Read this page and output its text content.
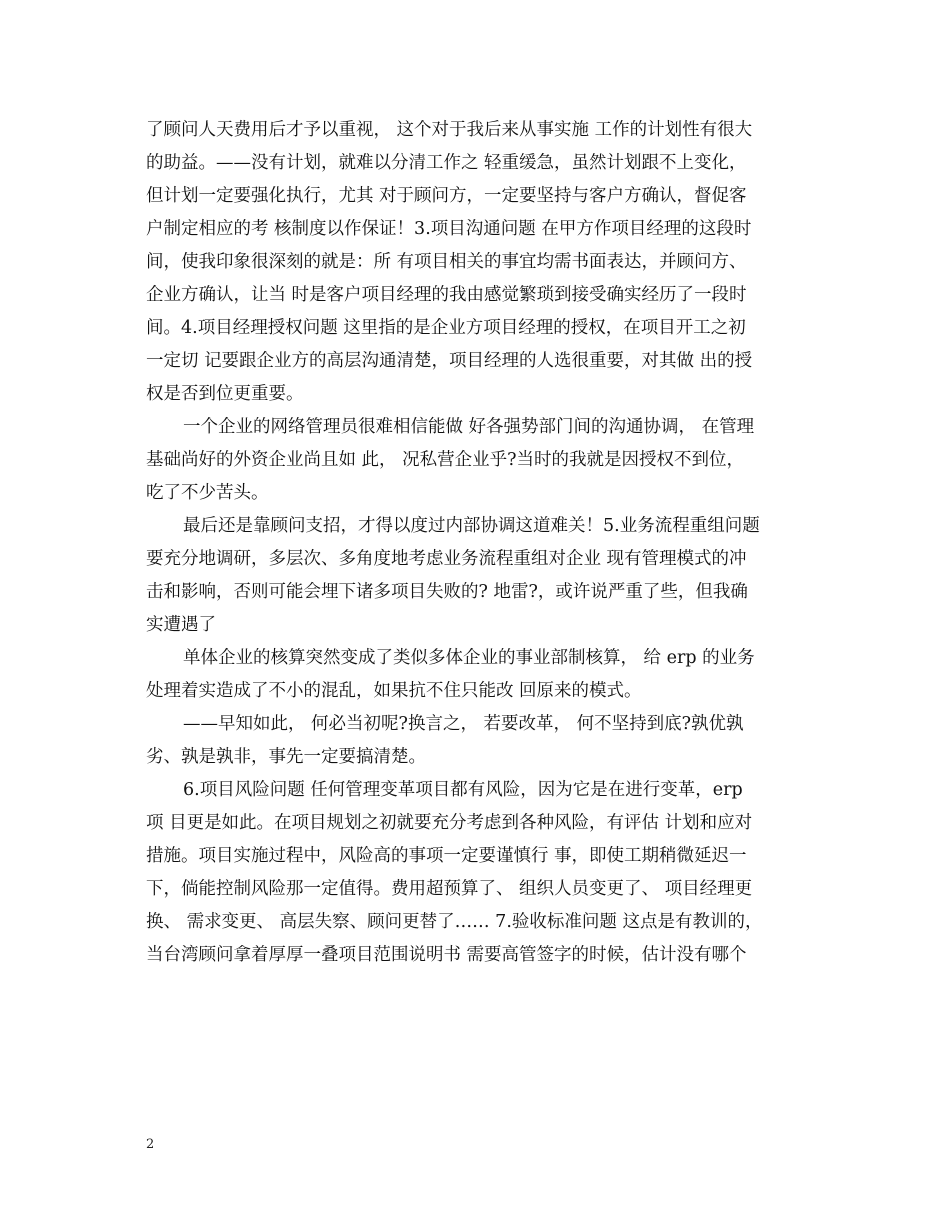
了顾问人天费用后才予以重视， 这个对于我后来从事实施 工作的计划性有很大
的助益。——没有计划，就难以分清工作之 轻重缓急，虽然计划跟不上变化，
但计划一定要强化执行，尤其 对于顾问方，一定要坚持与客户方确认，督促客
户制定相应的考 核制度以作保证！3.项目沟通问题 在甲方作项目经理的这段时
间，使我印象很深刻的就是：所 有项目相关的事宜均需书面表达，并顾问方、
企业方确认，让当 时是客户项目经理的我由感觉繁琐到接受确实经历了一段时
间。4.项目经理授权问题 这里指的是企业方项目经理的授权，在项目开工之初
一定切 记要跟企业方的高层沟通清楚，项目经理的人选很重要，对其做 出的授
权是否到位更重要。
一个企业的网络管理员很难相信能做 好各强势部门间的沟通协调， 在管理
基础尚好的外资企业尚且如 此， 况私营企业乎?当时的我就是因授权不到位，
吃了不少苦头。
最后还是靠顾问支招，才得以度过内部协调这道难关！5.业务流程重组问题
要充分地调研，多层次、多角度地考虑业务流程重组对企业 现有管理模式的冲
击和影响，否则可能会埋下诸多项目失败的? 地雷?，或许说严重了些，但我确
实遭遇了
单体企业的核算突然变成了类似多体企业的事业部制核算， 给 erp 的业务
处理着实造成了不小的混乱，如果抗不住只能改 回原来的模式。
——早知如此， 何必当初呢?换言之， 若要改革， 何不坚持到底?孰优孰
劣、孰是孰非，事先一定要搞清楚。
6.项目风险问题 任何管理变革项目都有风险，因为它是在进行变革，erp
项 目更是如此。在项目规划之初就要充分考虑到各种风险，有评估 计划和应对
措施。项目实施过程中，风险高的事项一定要谨慎行 事，即使工期稍微延迟一
下，倘能控制风险那一定值得。费用超预算了、 组织人员变更了、 项目经理更
换、 需求变更、 高层失察、顾问更替了…… 7.验收标准问题 这点是有教训的，
当台湾顾问拿着厚厚一叠项目范围说明书 需要高管签字的时候，估计没有哪个
2
